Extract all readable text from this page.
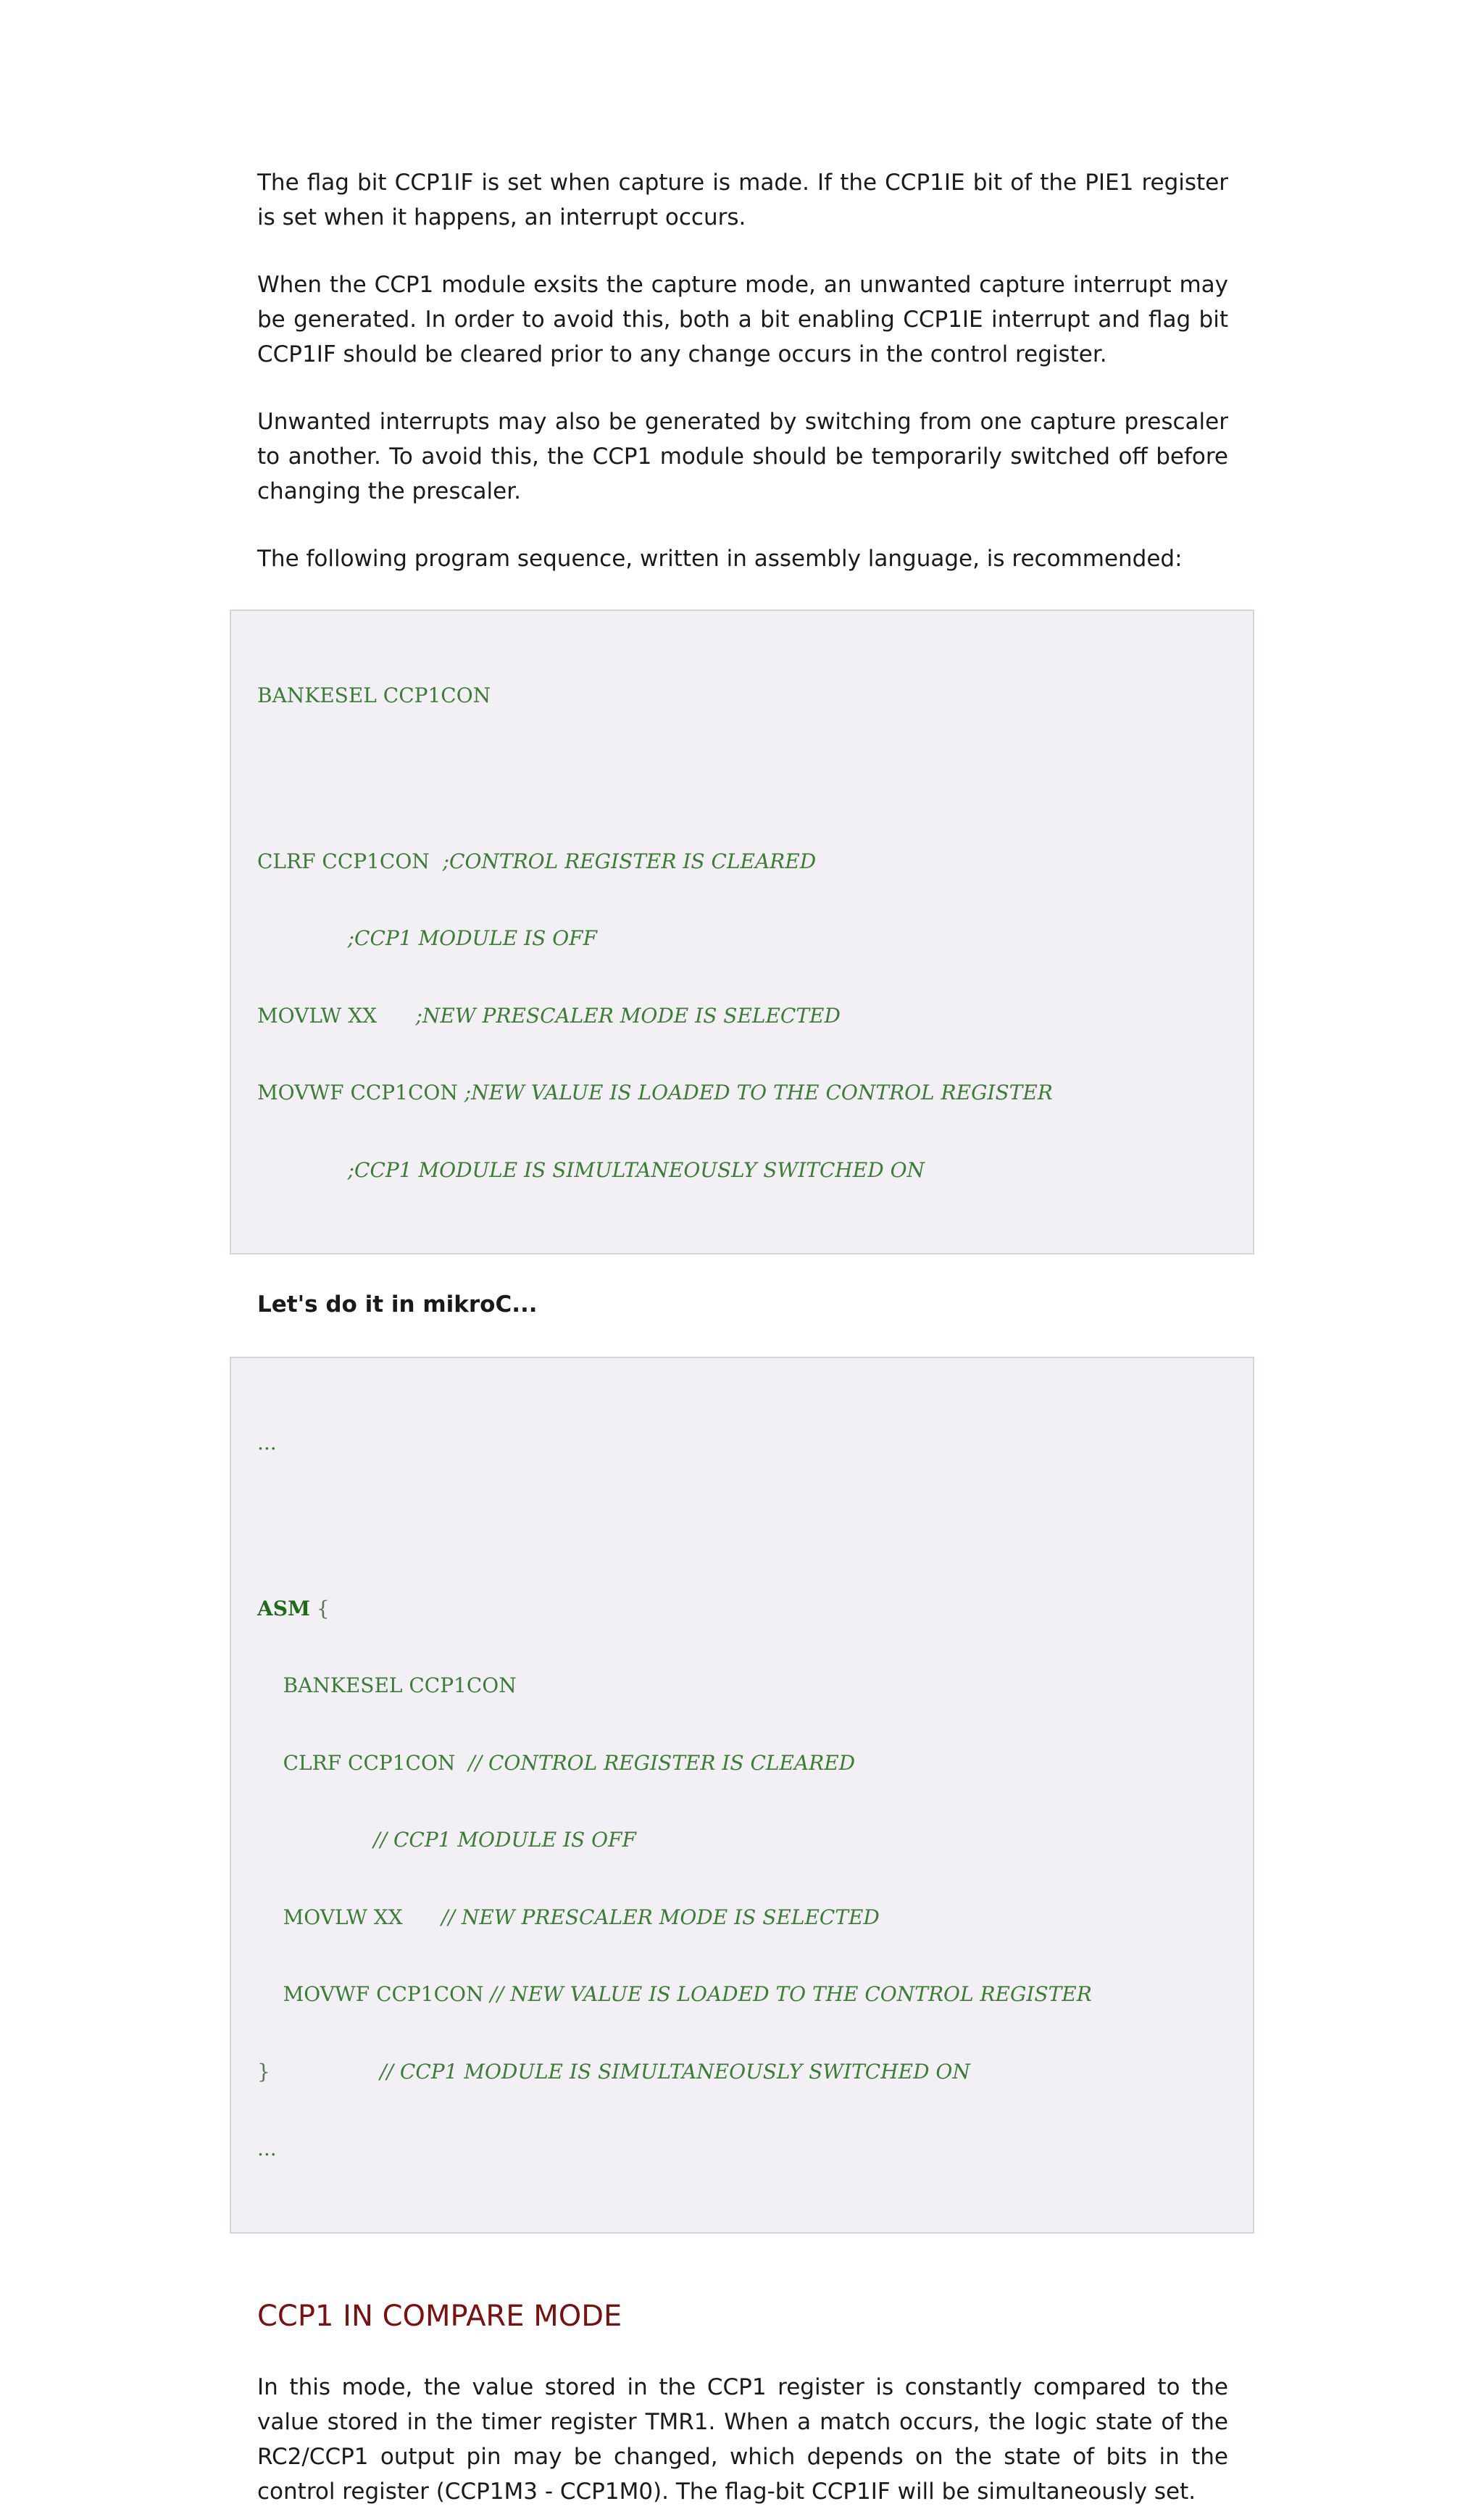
The flag bit CCP1IF is set when capture is made. If the CCP1IE bit of the PIE1 register is set when it happens, an interrupt occurs.

When the CCP1 module exsits the capture mode, an unwanted capture interrupt may be generated. In order to avoid this, both a bit enabling CCP1IE interrupt and flag bit CCP1IF should be cleared prior to any change occurs in the control register.

Unwanted interrupts may also be generated by switching from one capture prescaler to another. To avoid this, the CCP1 module should be temporarily switched off before changing the prescaler.

The following program sequence, written in assembly language, is recommended:

BANKESEL CCP1CON

CLRF CCP1CON  ;CONTROL REGISTER IS CLEARED

;CCP1 MODULE IS OFF

MOVLW XX      ;NEW PRESCALER MODE IS SELECTED

MOVWF CCP1CON ;NEW VALUE IS LOADED TO THE CONTROL REGISTER

;CCP1 MODULE IS SIMULTANEOUSLY SWITCHED ON

Let's do it in mikroC...

...

ASM {

BANKESEL CCP1CON

CLRF CCP1CON  // CONTROL REGISTER IS CLEARED

// CCP1 MODULE IS OFF

MOVLW XX      // NEW PRESCALER MODE IS SELECTED

MOVWF CCP1CON // NEW VALUE IS LOADED TO THE CONTROL REGISTER

}                 // CCP1 MODULE IS SIMULTANEOUSLY SWITCHED ON

...

CCP1 IN COMPARE MODE

In this mode, the value stored in the CCP1 register is constantly compared to the value stored in the timer register TMR1. When a match occurs, the logic state of the RC2/CCP1 output pin may be changed, which depends on the state of bits in the control register (CCP1M3 - CCP1M0). The flag-bit CCP1IF will be simultaneously set.
